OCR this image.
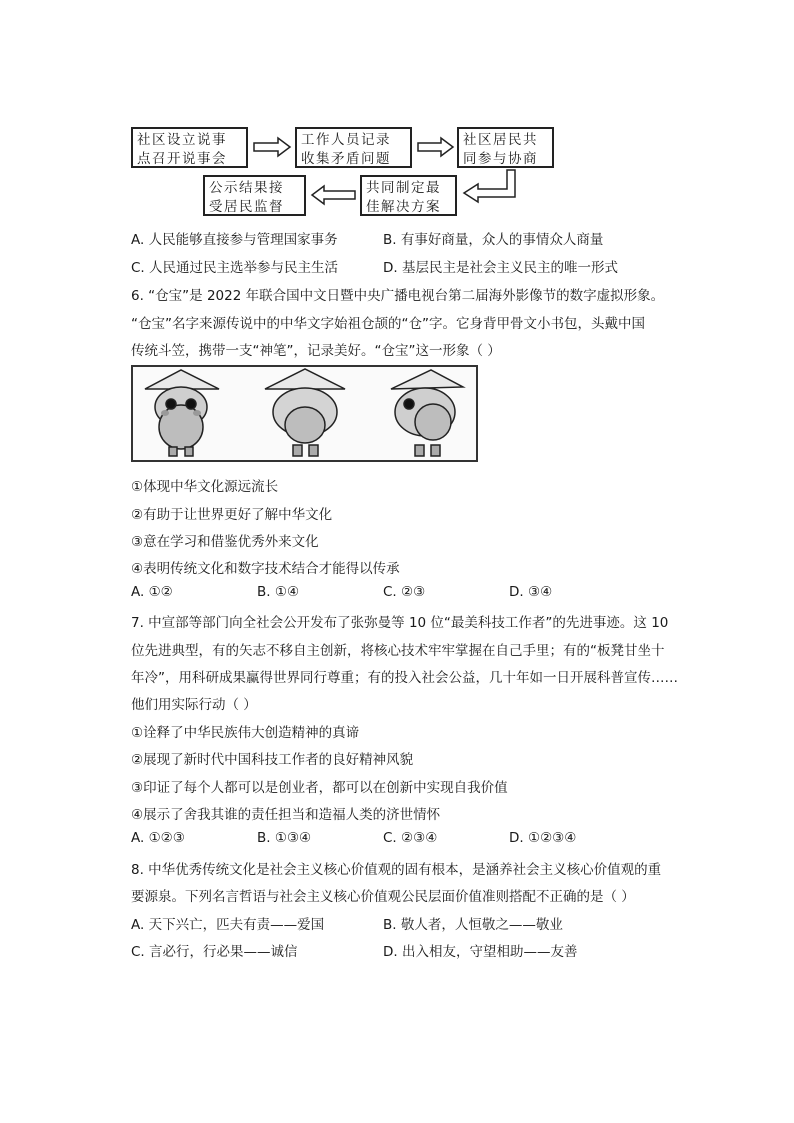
社区设立说事
点召开说事会
工作人员记录
收集矛盾问题
社区居民共
同参与协商
共同制定最
佳解决方案
公示结果接
受居民监督
A. 人民能够直接参与管理国家事务	B. 有事好商量，众人的事情众人商量
C. 人民通过民主选举参与民主生活	D. 基层民主是社会主义民主的唯一形式
6. “仓宝”是 2022 年联合国中文日暨中央广播电视台第二届海外影像节的数字虚拟形象。
“仓宝”名字来源传说中的中华文字始祖仓颉的“仓”字。它身背甲骨文小书包，头戴中国
传统斗笠，携带一支“神笔”，记录美好。“仓宝”这一形象（ ）
①体现中华文化源远流长
②有助于让世界更好了解中华文化
③意在学习和借鉴优秀外来文化
④表明传统文化和数字技术结合才能得以传承
A. ①②	B. ①④	C. ②③	D. ③④
7. 中宣部等部门向全社会公开发布了张弥曼等 10 位“最美科技工作者”的先进事迹。这 10
位先进典型，有的矢志不移自主创新，将核心技术牢牢掌握在自己手里；有的“板凳甘坐十
年冷”，用科研成果赢得世界同行尊重；有的投入社会公益，几十年如一日开展科普宣传……
他们用实际行动（ ）
①诠释了中华民族伟大创造精神的真谛
②展现了新时代中国科技工作者的良好精神风貌
③印证了每个人都可以是创业者，都可以在创新中实现自我价值
④展示了舍我其谁的责任担当和造福人类的济世情怀
A. ①②③	B. ①③④	C. ②③④	D. ①②③④
8. 中华优秀传统文化是社会主义核心价值观的固有根本，是涵养社会主义核心价值观的重
要源泉。下列名言哲语与社会主义核心价值观公民层面价值准则搭配不正确的是（ ）
A. 天下兴亡，匹夫有责——爱国	B. 敬人者，人恒敬之——敬业
C. 言必行，行必果——诚信	D. 出入相友，守望相助——友善
